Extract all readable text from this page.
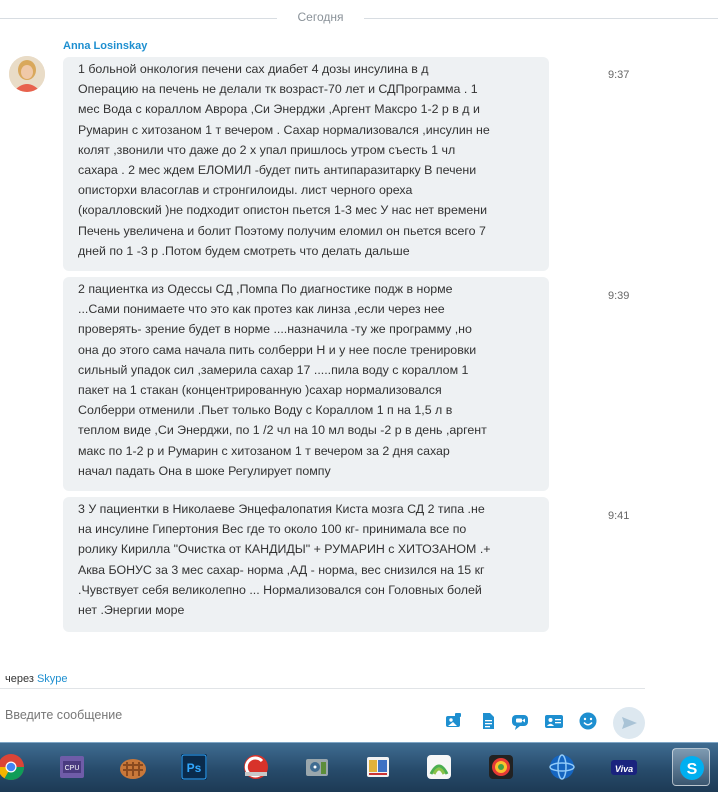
Сегодня
Anna Losinskay

1 больной онкология печени сах диабет 4 дозы инсулина в д
Операцию на печень не делали тк возраст-70 лет и СДПрограмма . 1
мес Вода с кораллом Аврора ,Си Энерджи ,Аргент Максро 1-2 р в д и
Румарин с хитозаном 1 т вечером . Сахар нормализовался ,инсулин не
колят ,звонили что даже до 2 х упал пришлось утром съесть 1 чл
сахара . 2 мес ждем ЕЛОМИЛ -будет пить антипаразитарку В печени
описторхи власоглав и стронгилоиды. лист черного ореха
(коралловский )не подходит опистон пьется 1-3 мес У нас нет времени
Печень увеличена и болит Поэтому получим еломил он пьется всего 7
дней по 1 -3 р .Потом будем смотреть что делать дальше

9:37

2 пациентка из Одессы СД ,Помпа По диагностике подж в норме
...Сами понимаете что это как протез как линза ,если через нее
проверять- зрение будет в норме ....назначила -ту же программу ,но
она до этого сама начала пить солберри Н и у нее после тренировки
сильный упадок сил ,замерила сахар 17 .....пила воду с кораллом 1
пакет на 1 стакан (концентрированную )сахар нормализовался
Солберри отменили .Пьет только Воду с Кораллом 1 п на 1,5 л в
теплом виде ,Си Энерджи, по 1 /2 чл на 10 мл воды -2 р в день ,аргент
макс по 1-2 р и Румарин с хитозаном 1 т вечером за 2 дня сахар
начал падать Она в шоке Регулирует помпу

9:39

3 У пациентки в Николаеве Энцефалопатия Киста мозга СД 2 типа .не
на инсулине Гипертония Вес где то около 100 кг- принимала все по
ролику Кирилла "Очистка от КАНДИДЫ" + РУМАРИН с ХИТОЗАНОМ .+
Аква БОНУС за 3 мес сахар- норма ,АД - норма, вес снизился на 15 кг
.Чувствует себя великолепно ... Нормализовался сон Головных болей
нет .Энергии море

9:41
через Skype
Введите сообщение
CPU	Ps	Viva	S
